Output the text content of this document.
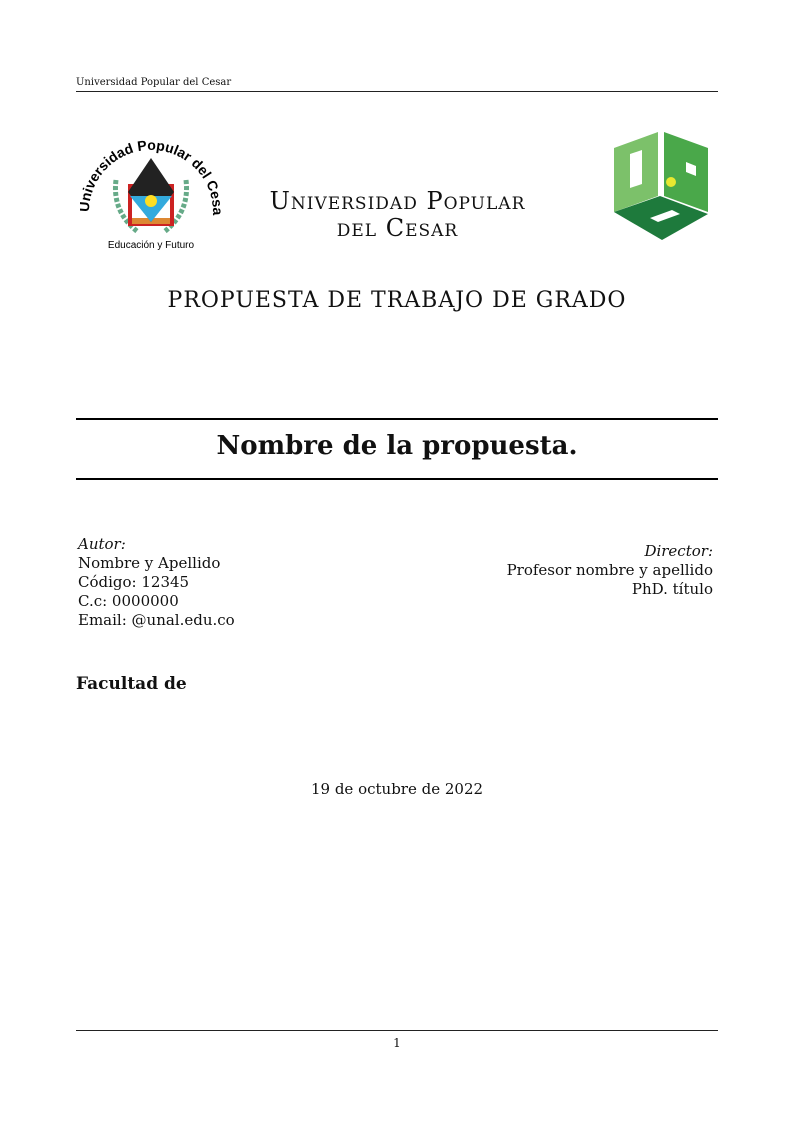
Universidad Popular del Cesar
Educación y Futuro
iversidad Popular del C
Universidad Popular
del Cesar
PROPUESTA DE TRABAJO DE GRADO
Nombre de la propuesta.
Autor:
Nombre y Apellido
Código: 12345
C.c: 0000000
Email: @unal.edu.co
Director:
Profesor nombre y apellido
PhD. título
Facultad de
19 de octubre de 2022
1
